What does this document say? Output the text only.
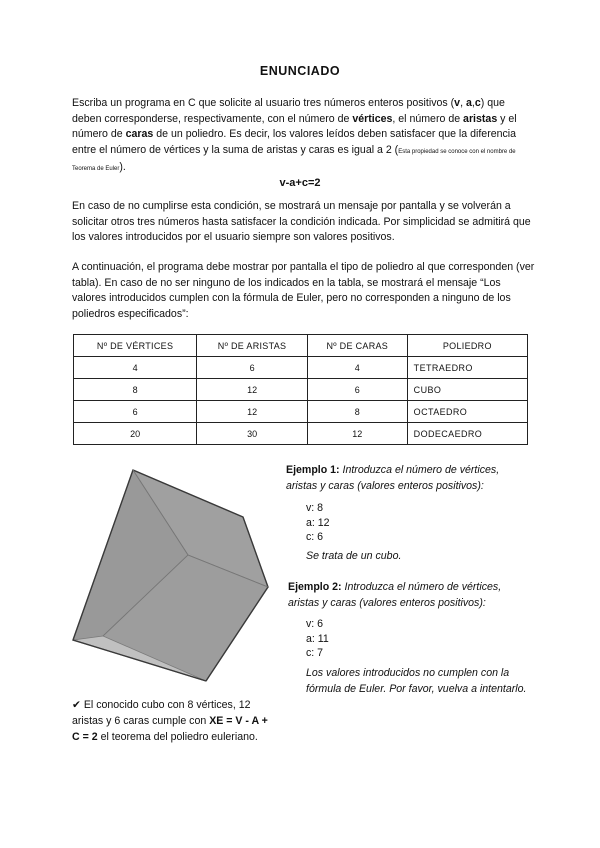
ENUNCIADO
Escriba un programa en C que solicite al usuario tres números enteros positivos (v, a,c) que deben corresponderse, respectivamente, con el número de vértices, el número de aristas y el número de caras de un poliedro. Es decir, los valores leídos deben satisfacer que la diferencia entre el número de vértices y la suma de aristas y caras es igual a 2 (Esta propiedad se conoce con el nombre de Teorema de Euler).
v-a+c=2
En caso de no cumplirse esta condición, se mostrará un mensaje por pantalla y se volverán a solicitar otros tres números hasta satisfacer la condición indicada. Por simplicidad se admitirá que los valores introducidos por el usuario siempre son valores positivos.
A continuación, el programa debe mostrar por pantalla el tipo de poliedro al que corresponden (ver tabla). En caso de no ser ninguno de los indicados en la tabla, se mostrará el mensaje “Los valores introducidos cumplen con la fórmula de Euler, pero no corresponden a ninguno de los poliedros especificados”:
Nº DE VÉRTICES	Nº DE ARISTAS	Nº DE CARAS	POLIEDRO
4	6	4	TETRAEDRO
8	12	6	CUBO
6	12	8	OCTAEDRO
20	30	12	DODECAEDRO
✔ El conocido cubo con 8 vértices, 12 aristas y 6 caras cumple con XE = V - A + C = 2 el teorema del poliedro euleriano.
Ejemplo 1: Introduzca el número de vértices, aristas y caras (valores enteros positivos):
v: 8
a: 12
c: 6
Se trata de un cubo.
Ejemplo 2: Introduzca el número de vértices, aristas y caras (valores enteros positivos):
v: 6
a: 11
c: 7
Los valores introducidos no cumplen con la fórmula de Euler. Por favor, vuelva a intentarlo.
